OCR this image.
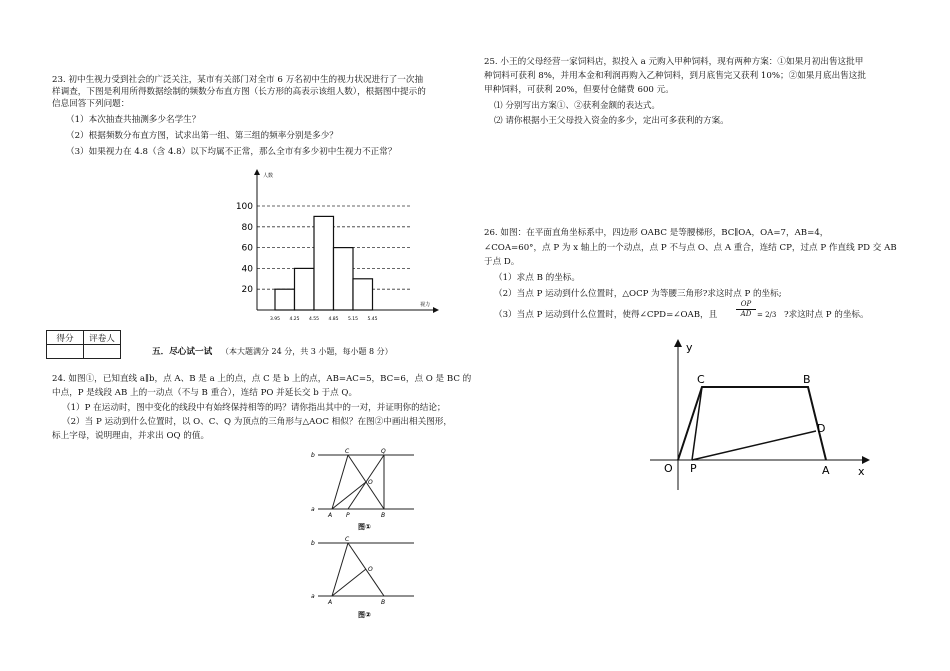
23. 初中生视力受到社会的广泛关注，某市有关部门对全市 6 万名初中生的视力状况进行了一次抽
样调查，下图是利用所得数据绘制的频数分布直方图（长方形的高表示该组人数），根据图中提示的
信息回答下列问题：
（1）本次抽查共抽测多少名学生？
（2）根据频数分布直方图，试求出第一组、第三组的频率分别是多少？
（3）如果视力在 4.8（含 4.8）以下均属不正常，那么全市有多少初中生视力不正常？
人数
视力
20
40
60
80
100
3.95 4.25 4.55 4.85 5.15 5.45
得分	评卷人

五．尽心试一试 （本大题满分 24 分，共 3 小题，每小题 8 分）
24. 如图①，已知直线 a∥b，点 A、B 是 a 上的点，点 C 是 b 上的点，AB=AC=5，BC=6，点 O 是 BC 的
中点，P 是线段 AB 上的一动点（不与 B 重合），连结 PO 并延长交 b 于点 Q。
（1）P 在运动时，图中变化的线段中有始终保持相等的吗？请你指出其中的一对，并证明你的结论；
（2）当 P 运动到什么位置时，以 O、C、Q 为顶点的三角形与△AOC 相似？在图②中画出相关图形，
标上字母，说明理由，并求出 OQ 的值。
b
a
C	Q
O
A P	B
图①
b
a
C
O
A	B
图②
25. 小王的父母经营一家饲料店，拟投入 a 元购入甲种饲料，现有两种方案：①如果月初出售这批甲
种饲料可获利 8%，并用本金和利润再购入乙种饲料，到月底售完又获利 10%；②如果月底出售这批
甲种饲料，可获利 20%，但要付仓储费 600 元。
⑴ 分别写出方案①、②获利金额的表达式。
⑵ 请你根据小王父母投入资金的多少，定出可多获利的方案。
26. 如图：在平面直角坐标系中，四边形 OABC 是等腰梯形，BC∥OA，OA=7，AB=4，
∠COA=60°，点 P 为 x 轴上的一个动点，点 P 不与点 O、点 A 重合，连结 CP，过点 P 作直线 PD 交 AB
于点 D。
（1）求点 B 的坐标。
（2）当点 P 运动到什么位置时，△OCP 为等腰三角形?求这时点 P 的坐标;
（3）当点 P 运动到什么位置时，使得∠CPD=∠OAB，且	$\frac{OP}{AD} = 2/3$ ?求这时点 P 的坐标。
y
x
O
C	B
D
P	A
